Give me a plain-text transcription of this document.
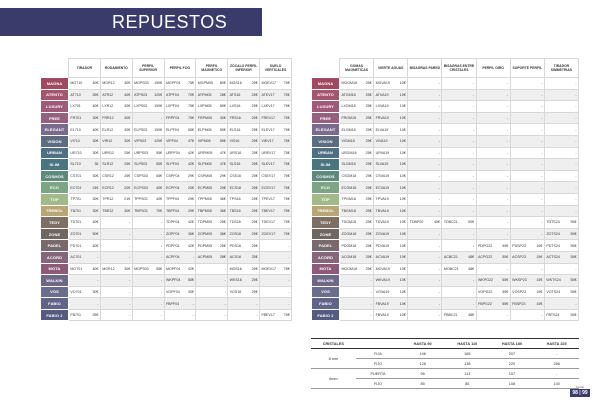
REPUESTOS
	TIRADOR	RODAMIENTO	PERFIL SUPERIOR	PERFIL FIJO	PERFIL MAGNETICO	ZÓCALO PERFIL INFERIOR	SUELO VERTICALES
MAGNA	MG710 40€	MGR12 30€	MGPS03 150€	MGPF04 75€	MGPM05 80€	MGS16 25€	MGEV17 75€
ATENTO	AT710 25€	ATR12 40€	ATPS03 120€	ATPF04 70€	ATPM05 28€	ATS16 25€	ATEV17 75€
LUXURY	LX701 40€	LXR12 30€	LXPS03 150€	LXPF04 75€	LXPM05 55€	LXS16 25€	LXEV17 75€
FREE	FR701 30€	FRR12 30€	-	FRPF04 75€	FRPM05 30€	FRS16 25€	FREV17 75€
ELEGANT	EL710 40€	ELR12 30€	ELPS03 150€	ELPF04 65€	ELPM05 55€	ELS16 25€	ELEV17 75€
VISION	VI710 30€	VIR12 30€	VIPS03 120€	VIPF04 47€	VIPM05 55€	VIS16 25€	VIEV17 75€
URBAN	UR710 30€	URR12 25€	URPS03 55€	URPF04 42€	URPM05 47€	URS16 25€	UREV17 75€
SLIM	SL710 35	SLR12 25€	SLPS03 55€	SLPF04 42€	SLPM05 47€	SLS16 25€	SLEV17 75€
COSMOS	CS701 30€	CSR12 25€	CSPS03 55€	CSPF04 29€	CSPM05 29€	CSS16 25€	CSEV17 75€
ECO	EC701 24€	ECR12 20€	ECPS03 40€	ECPF04 20€	ECPM05 29€	ECS16 25€	ECEV17 75€
TOP	TP701 30€	TPR12 21€	TPPS03 40€	TPPF04 29€	TPPM05 36€	TPS16 25€	TPEV17 75€
TREBOL	TB701 30€	TBR12 30€	TBPS03 70€	TBPF04 29€	TBPM05 36€	TBS16 25€	TBEV17 75€
TEDY	TD701 40€	-	-	TDPF04 42€	TDPM05 25€	TDS16 25€	TDEV17 75€
ZONE	ZO701 50€	-	-	ZOPF04 36€	ZOPM05 36€	ZOS16 25€	ZOEV17 75€
PADEL	PD701 40€	-	-	PDPF04 42€	PDPM05 25€	PDS16 25€	-
ACORD	AC701 -	-	-	ACPF04 -	ACPM05 28€	ACS16 25€	-
MOTA	MO701 40€	MGR12 30€	MGPS03 55€	MOPF04 42€	-	MOS16 25€	MOEV17 75€
WALKIN	-	-	-	WKPF04 55€	-	WKS16 25€	-
VOS	VO701 30€	-	-	VOPF04 30€	-	VOS16 25€	-
FABIO	-	-	-	FBPF04 -	-	-	-
FABIO 2	FB701 25€	-	-	-	-	-	FBEV17 75€
	GOMAS MAGNETICAS	VIERTE AGUAS	BISAGRAS PARED	BISAGRAS ENTRE CRISTALES	PERFIL GIRO	SOPORTE PERFIL	TIRADOR SIMMETRIAS
MAGNA	MGGM18 25€	MGVA19 10€	-	-	-	-	-
ATENTO	ATGM18 25€	ATVA19 10€	-	-	-	-	-
LUXURY	LXGM18 25€	LXVA19 10€	-	-	-	-	-
FREE	FRGM18 25€	FRVA19 10€	-	-	-	-	-
ELEGANT	ELGM18 25€	ELVA19 10€	-	-	-	-	-
VISION	VIGM18 25€	VIVA19 10€	-	-	-	-	-
URBAN	URGM18 25€	URVA19 10€	-	-	-	-	-
SLIM	SLGM18 25€	SLVA19 10€	-	-	-	-	-
COSMOS	CSGM18 25€	CSVA19 10€	-	-	-	-	-
ECO	ECGM18 25€	ECVA19 10€	-	-	-	-	-
TOP	TPGM18 25€	TPVA19 10€	-	-	-	-	-
TREBOL	TBGM18 25€	TBVA19 10€	-	-	-	-	-
TEDY	TDGM18 25€	TDVA19 10€	TDBP20 45€	TDBC21 50€	-	-	TDTS24 55€
ZONE	ZOGM18 25€	ZOVA19 10€	-	-	-	-	ZOTS24 55€
PADEL	PDGM18 25€	PDVA19 10€	-	-	PDPG22 55€	PDSP23 15€	PDTS24 55€
ACORD	ACGM18 25€	ACVA19 10€	-	ACBC21 48€	ACPG22 55€	ACSP23 15€	ACTS24 55€
MOTA	MOGM18 25€	MOVA19 10€	-	MOBC21 48€	-	-	-
WALKIN	-	WKVA19 10€	-	-	WKPG22 55€	WKSP23 15€	WKTS24 55€
VOS	-	VOVA19 10€	-	-	VOPG22 55€	VOSP23 15€	VOTS24 55€
FABIO	-	FBVA19 10€	-	-	FBPG22 55€	FBSP23 15€	-
FABIO 2	-	FBVA19 10€	-	FBBC21 48€	-	-	FBTS24 55€
CRISTALES		HASTA 90	HASTA 110	HASTA 180	HASTA 225
8 mm	FIJA	146	165	207	-
	FIJO	128	138	220	286
6mm	PUERTA	96	113	157	-
	FIJO	85	85	108	140
Cucal
98 | 99
